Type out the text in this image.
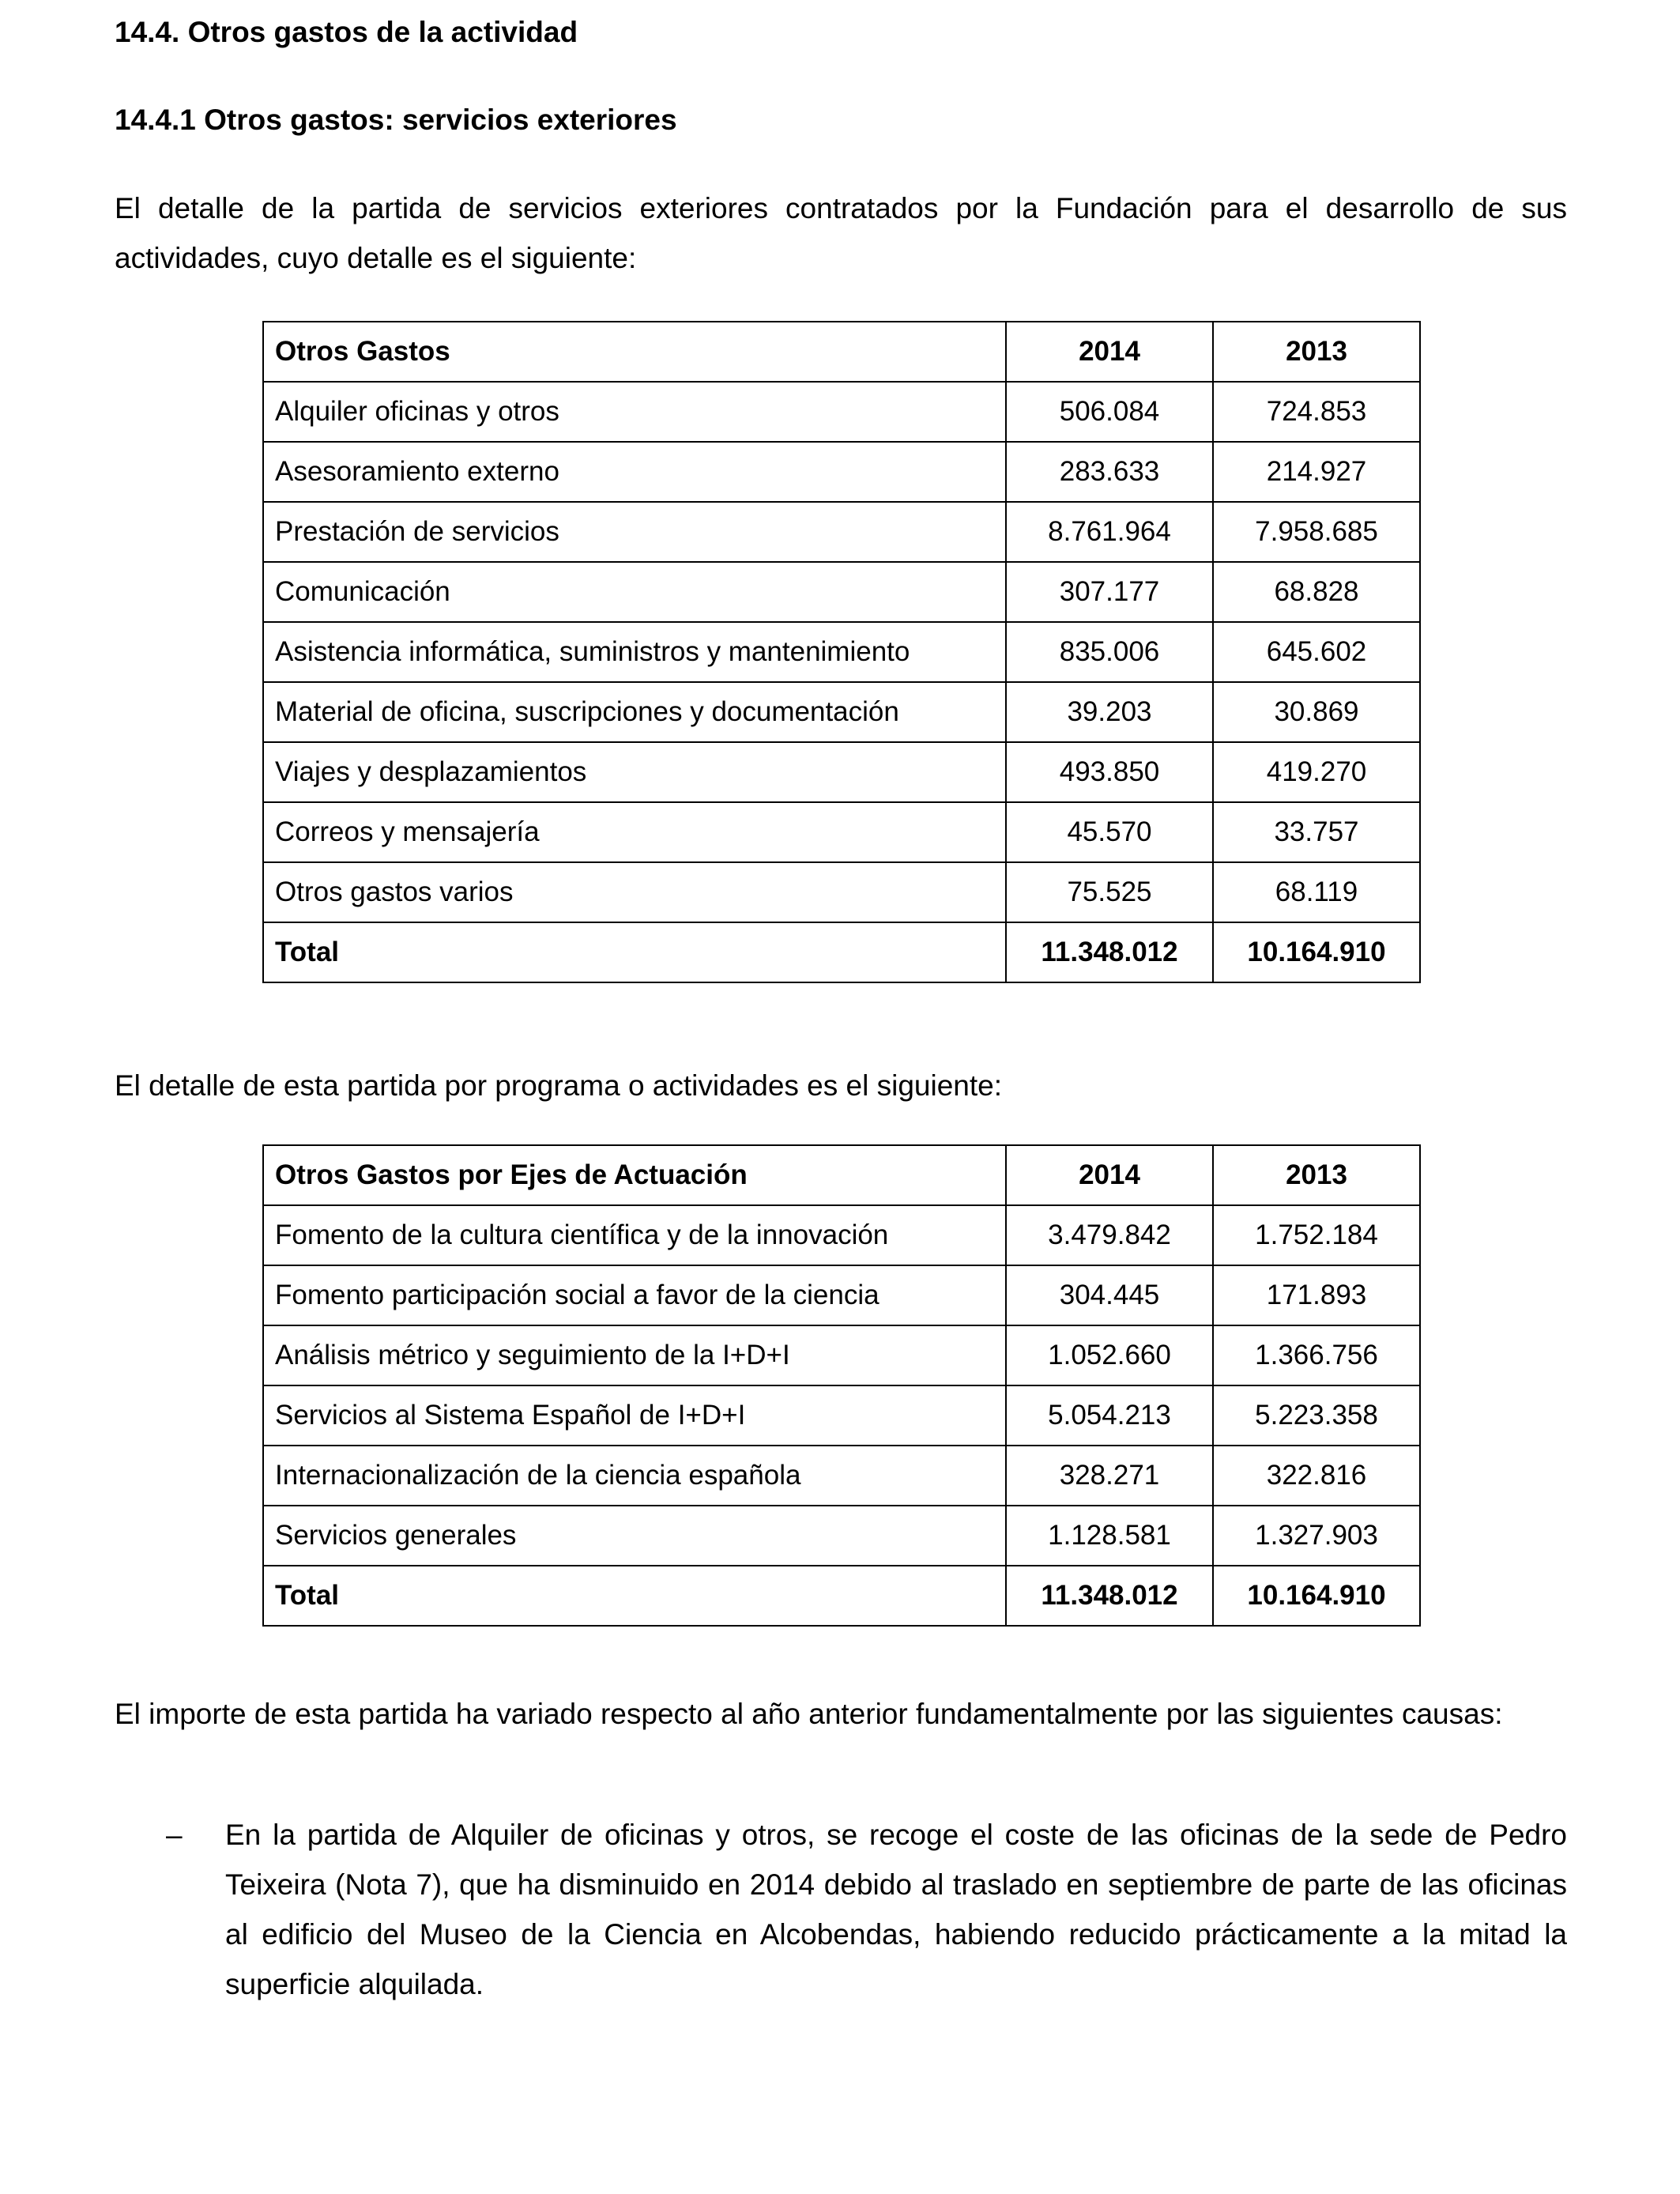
14.4. Otros gastos de la actividad
14.4.1 Otros gastos: servicios exteriores
El detalle de la partida de servicios exteriores contratados por la Fundación para el desarrollo de sus actividades, cuyo detalle es el siguiente:
Otros Gastos	2014	2013
Alquiler oficinas y otros	506.084	724.853
Asesoramiento externo	283.633	214.927
Prestación de servicios	8.761.964	7.958.685
Comunicación	307.177	68.828
Asistencia informática, suministros y mantenimiento	835.006	645.602
Material de oficina, suscripciones y documentación	39.203	30.869
Viajes y desplazamientos	493.850	419.270
Correos y mensajería	45.570	33.757
Otros gastos varios	75.525	68.119
Total	11.348.012	10.164.910
El detalle de esta partida por programa o actividades es el siguiente:
Otros Gastos por Ejes de Actuación	2014	2013
Fomento de la cultura científica y de la innovación	3.479.842	1.752.184
Fomento participación social a favor de la ciencia	304.445	171.893
Análisis métrico y seguimiento de la I+D+I	1.052.660	1.366.756
Servicios al Sistema Español de I+D+I	5.054.213	5.223.358
Internacionalización de la ciencia española	328.271	322.816
Servicios generales	1.128.581	1.327.903
Total	11.348.012	10.164.910
El importe de esta partida ha variado respecto al año anterior fundamentalmente por las siguientes causas:
– En la partida de Alquiler de oficinas y otros, se recoge el coste de las oficinas de la sede de Pedro Teixeira (Nota 7), que ha disminuido en 2014 debido al traslado en septiembre de parte de las oficinas al edificio del Museo de la Ciencia en Alcobendas, habiendo reducido prácticamente a la mitad la superficie alquilada.
